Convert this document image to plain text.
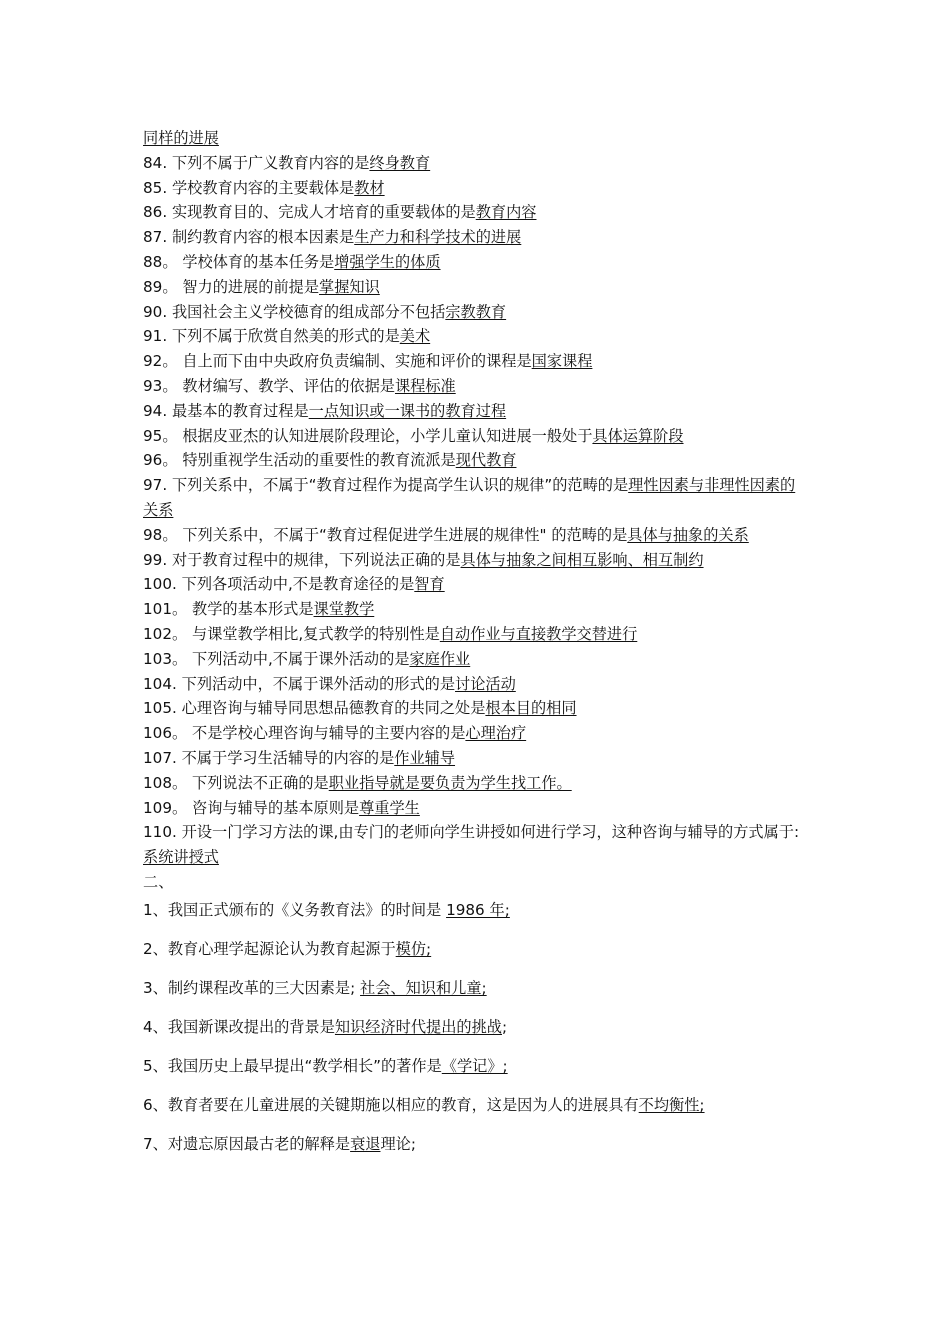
同样的进展
84. 下列不属于广义教育内容的是终身教育
85. 学校教育内容的主要载体是教材
86. 实现教育目的、完成人才培育的重要载体的是教育内容
87. 制约教育内容的根本因素是生产力和科学技术的进展
88。 学校体育的基本任务是增强学生的体质
89。 智力的进展的前提是掌握知识
90. 我国社会主义学校德育的组成部分不包括宗教教育
91. 下列不属于欣赏自然美的形式的是美术
92。 自上而下由中央政府负责编制、实施和评价的课程是国家课程
93。 教材编写、教学、评估的依据是课程标准
94. 最基本的教育过程是一点知识或一课书的教育过程
95。 根据皮亚杰的认知进展阶段理论，小学儿童认知进展一般处于具体运算阶段
96。 特别重视学生活动的重要性的教育流派是现代教育
97. 下列关系中，不属于“教育过程作为提高学生认识的规律”的范畴的是理性因素与非理性因素的关系
98。 下列关系中，不属于“教育过程促进学生进展的规律性" 的范畴的是具体与抽象的关系
99. 对于教育过程中的规律，下列说法正确的是具体与抽象之间相互影响、相互制约
100. 下列各项活动中,不是教育途径的是智育
101。 教学的基本形式是课堂教学
102。 与课堂教学相比,复式教学的特别性是自动作业与直接教学交替进行
103。 下列活动中,不属于课外活动的是家庭作业
104. 下列活动中，不属于课外活动的形式的是讨论活动
105. 心理咨询与辅导同思想品德教育的共同之处是根本目的相同
106。 不是学校心理咨询与辅导的主要内容的是心理治疗
107. 不属于学习生活辅导的内容的是作业辅导
108。 下列说法不正确的是职业指导就是要负责为学生找工作。
109。 咨询与辅导的基本原则是尊重学生
110. 开设一门学习方法的课,由专门的老师向学生讲授如何进行学习，这种咨询与辅导的方式属于: 系统讲授式
二、
1、我国正式颁布的《义务教育法》的时间是 1986 年;
2、教育心理学起源论认为教育起源于模仿;
3、制约课程改革的三大因素是; 社会、知识和儿童;
4、我国新课改提出的背景是知识经济时代提出的挑战;
5、我国历史上最早提出“教学相长”的著作是《学记》;
6、教育者要在儿童进展的关键期施以相应的教育，这是因为人的进展具有不均衡性;
7、对遗忘原因最古老的解释是衰退理论;
